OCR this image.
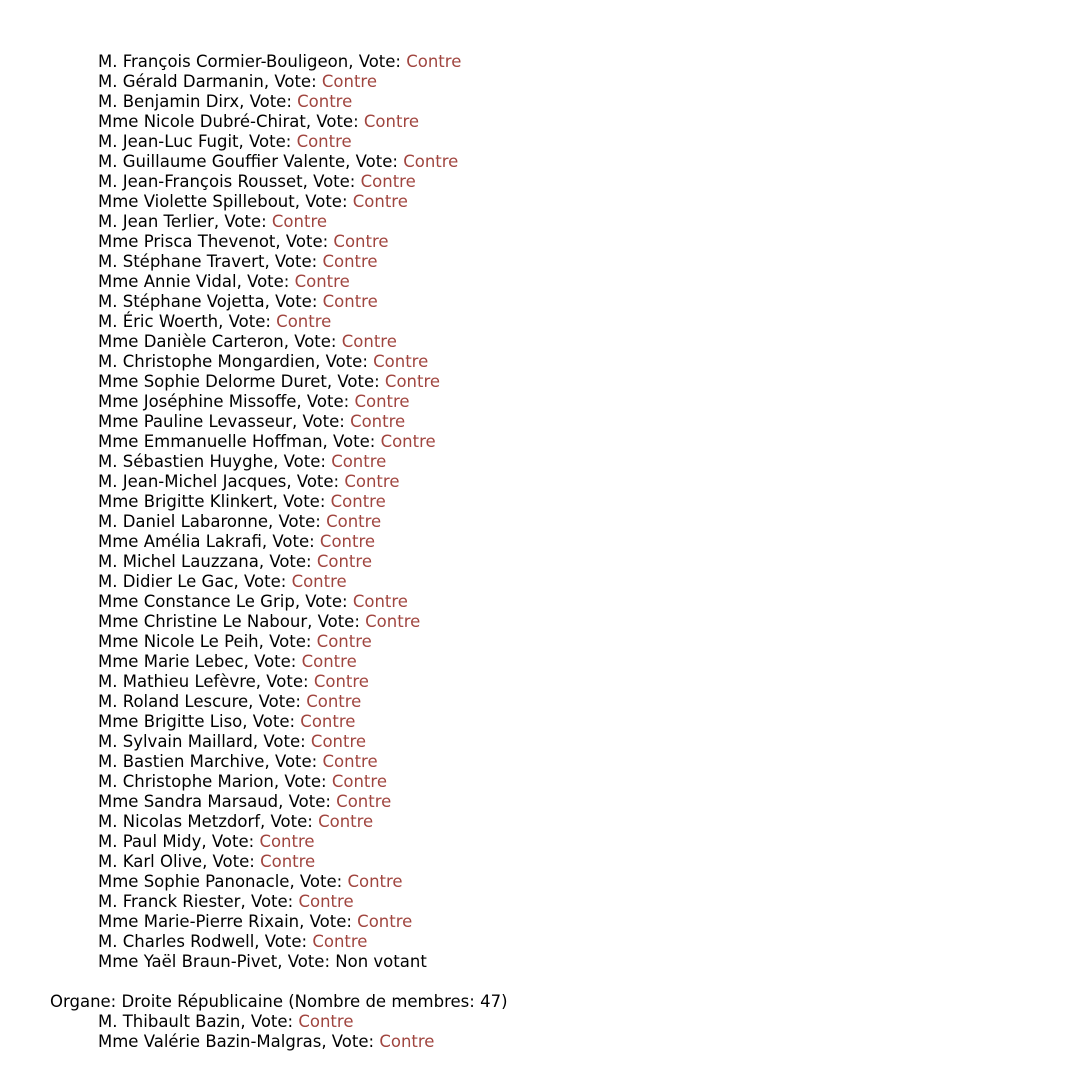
M. François Cormier-Bouligeon, Vote: Contre
M. Gérald Darmanin, Vote: Contre
M. Benjamin Dirx, Vote: Contre
Mme Nicole Dubré-Chirat, Vote: Contre
M. Jean-Luc Fugit, Vote: Contre
M. Guillaume Gouffier Valente, Vote: Contre
M. Jean-François Rousset, Vote: Contre
Mme Violette Spillebout, Vote: Contre
M. Jean Terlier, Vote: Contre
Mme Prisca Thevenot, Vote: Contre
M. Stéphane Travert, Vote: Contre
Mme Annie Vidal, Vote: Contre
M. Stéphane Vojetta, Vote: Contre
M. Éric Woerth, Vote: Contre
Mme Danièle Carteron, Vote: Contre
M. Christophe Mongardien, Vote: Contre
Mme Sophie Delorme Duret, Vote: Contre
Mme Joséphine Missoffe, Vote: Contre
Mme Pauline Levasseur, Vote: Contre
Mme Emmanuelle Hoffman, Vote: Contre
M. Sébastien Huyghe, Vote: Contre
M. Jean-Michel Jacques, Vote: Contre
Mme Brigitte Klinkert, Vote: Contre
M. Daniel Labaronne, Vote: Contre
Mme Amélia Lakrafi, Vote: Contre
M. Michel Lauzzana, Vote: Contre
M. Didier Le Gac, Vote: Contre
Mme Constance Le Grip, Vote: Contre
Mme Christine Le Nabour, Vote: Contre
Mme Nicole Le Peih, Vote: Contre
Mme Marie Lebec, Vote: Contre
M. Mathieu Lefèvre, Vote: Contre
M. Roland Lescure, Vote: Contre
Mme Brigitte Liso, Vote: Contre
M. Sylvain Maillard, Vote: Contre
M. Bastien Marchive, Vote: Contre
M. Christophe Marion, Vote: Contre
Mme Sandra Marsaud, Vote: Contre
M. Nicolas Metzdorf, Vote: Contre
M. Paul Midy, Vote: Contre
M. Karl Olive, Vote: Contre
Mme Sophie Panonacle, Vote: Contre
M. Franck Riester, Vote: Contre
Mme Marie-Pierre Rixain, Vote: Contre
M. Charles Rodwell, Vote: Contre
Mme Yaël Braun-Pivet, Vote: Non votant
Organe: Droite Républicaine (Nombre de membres: 47)
M. Thibault Bazin, Vote: Contre
Mme Valérie Bazin-Malgras, Vote: Contre
